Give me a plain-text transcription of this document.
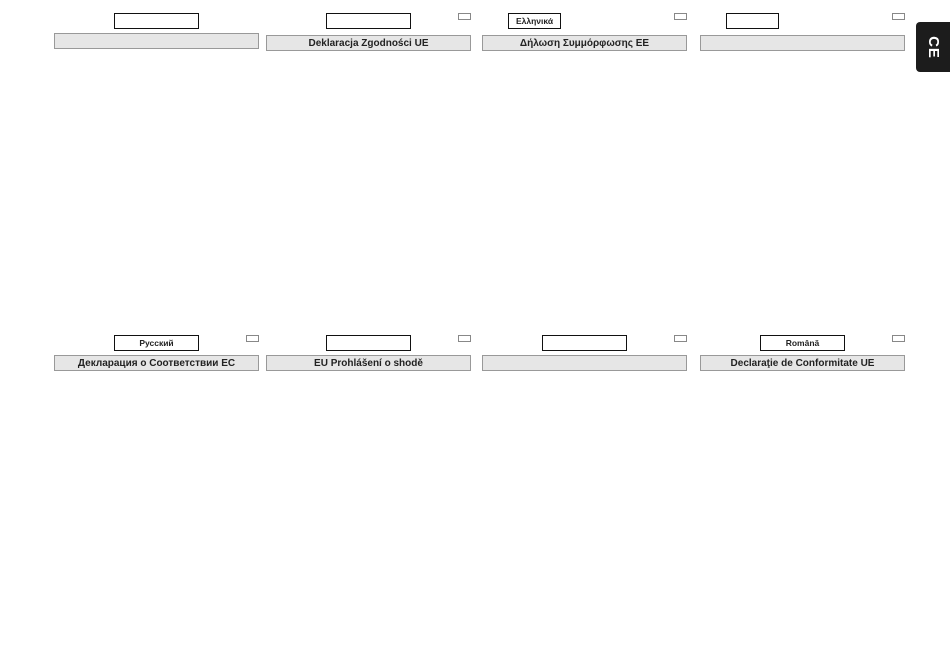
Deklaracja Zgodności UE
Ελληνικά
Δήλωση Συμμόρφωσης ΕΕ
Русский
Декларация о Соответствии ЕС	EU Prohlášení o shodě
Română
Declaraţie de Conformitate UE
CE
